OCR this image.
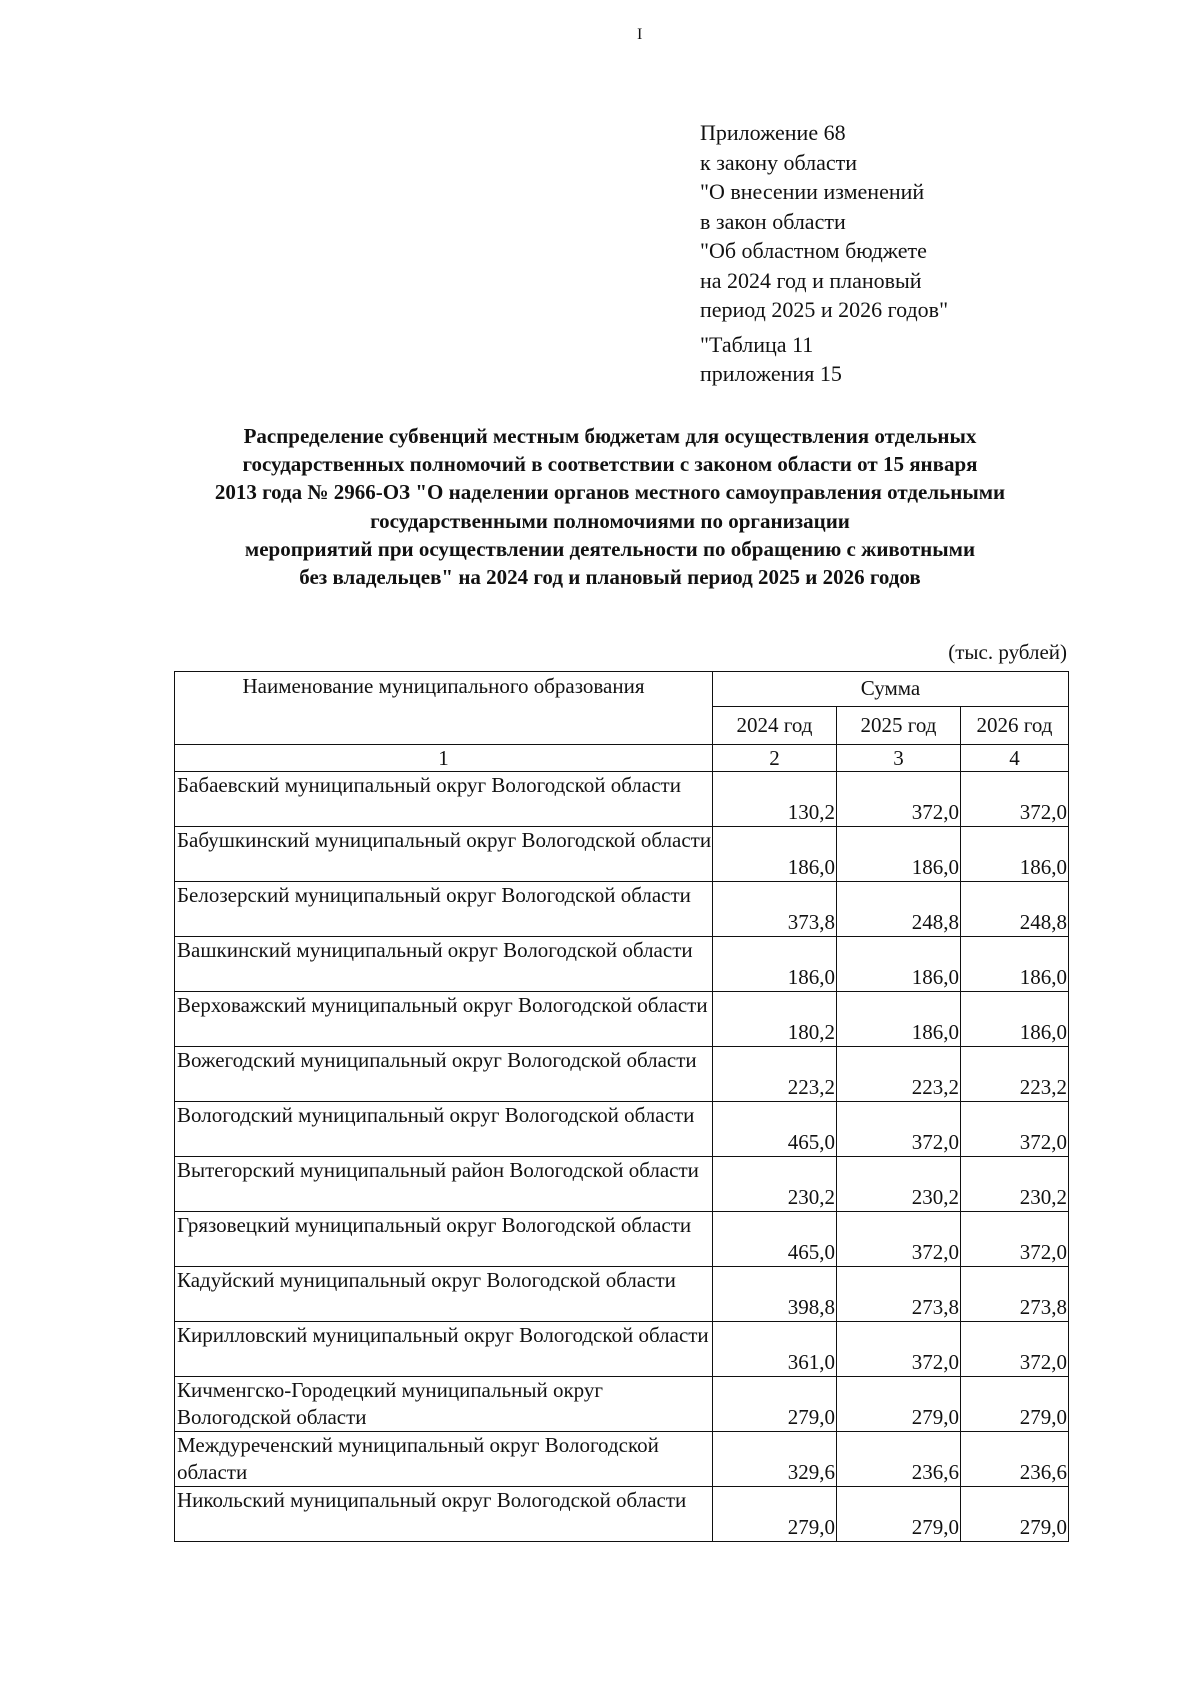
I
Приложение 68
к закону области
"О внесении изменений
в закон области
"Об областном бюджете
на 2024 год и плановый
период 2025 и 2026 годов"
"Таблица 11
приложения 15
Распределение субвенций местным бюджетам для осуществления отдельных
государственных полномочий в соответствии с законом области от 15 января
2013 года № 2966-ОЗ "О наделении органов местного самоуправления отдельными
государственными полномочиями по организации
мероприятий при осуществлении деятельности по обращению с животными
без владельцев" на 2024 год и плановый период 2025 и 2026 годов
(тыс. рублей)
Наименование муниципального образования	Сумма		
	2024 год	2025 год	2026 год
1	2	3	4
Бабаевский муниципальный округ Вологодской области	130,2	372,0	372,0
Бабушкинский муниципальный округ Вологодской области	186,0	186,0	186,0
Белозерский муниципальный округ Вологодской области	373,8	248,8	248,8
Вашкинский муниципальный округ Вологодской области	186,0	186,0	186,0
Верховажский муниципальный округ Вологодской области	180,2	186,0	186,0
Вожегодский муниципальный округ Вологодской области	223,2	223,2	223,2
Вологодский муниципальный округ Вологодской области	465,0	372,0	372,0
Вытегорский муниципальный район Вологодской области	230,2	230,2	230,2
Грязовецкий муниципальный округ Вологодской области	465,0	372,0	372,0
Кадуйский муниципальный округ Вологодской области	398,8	273,8	273,8
Кирилловский муниципальный округ Вологодской области	361,0	372,0	372,0
Кичменгско-Городецкий муниципальный округ Вологодской области	279,0	279,0	279,0
Междуреченский муниципальный округ Вологодской области	329,6	236,6	236,6
Никольский муниципальный округ Вологодской области	279,0	279,0	279,0
